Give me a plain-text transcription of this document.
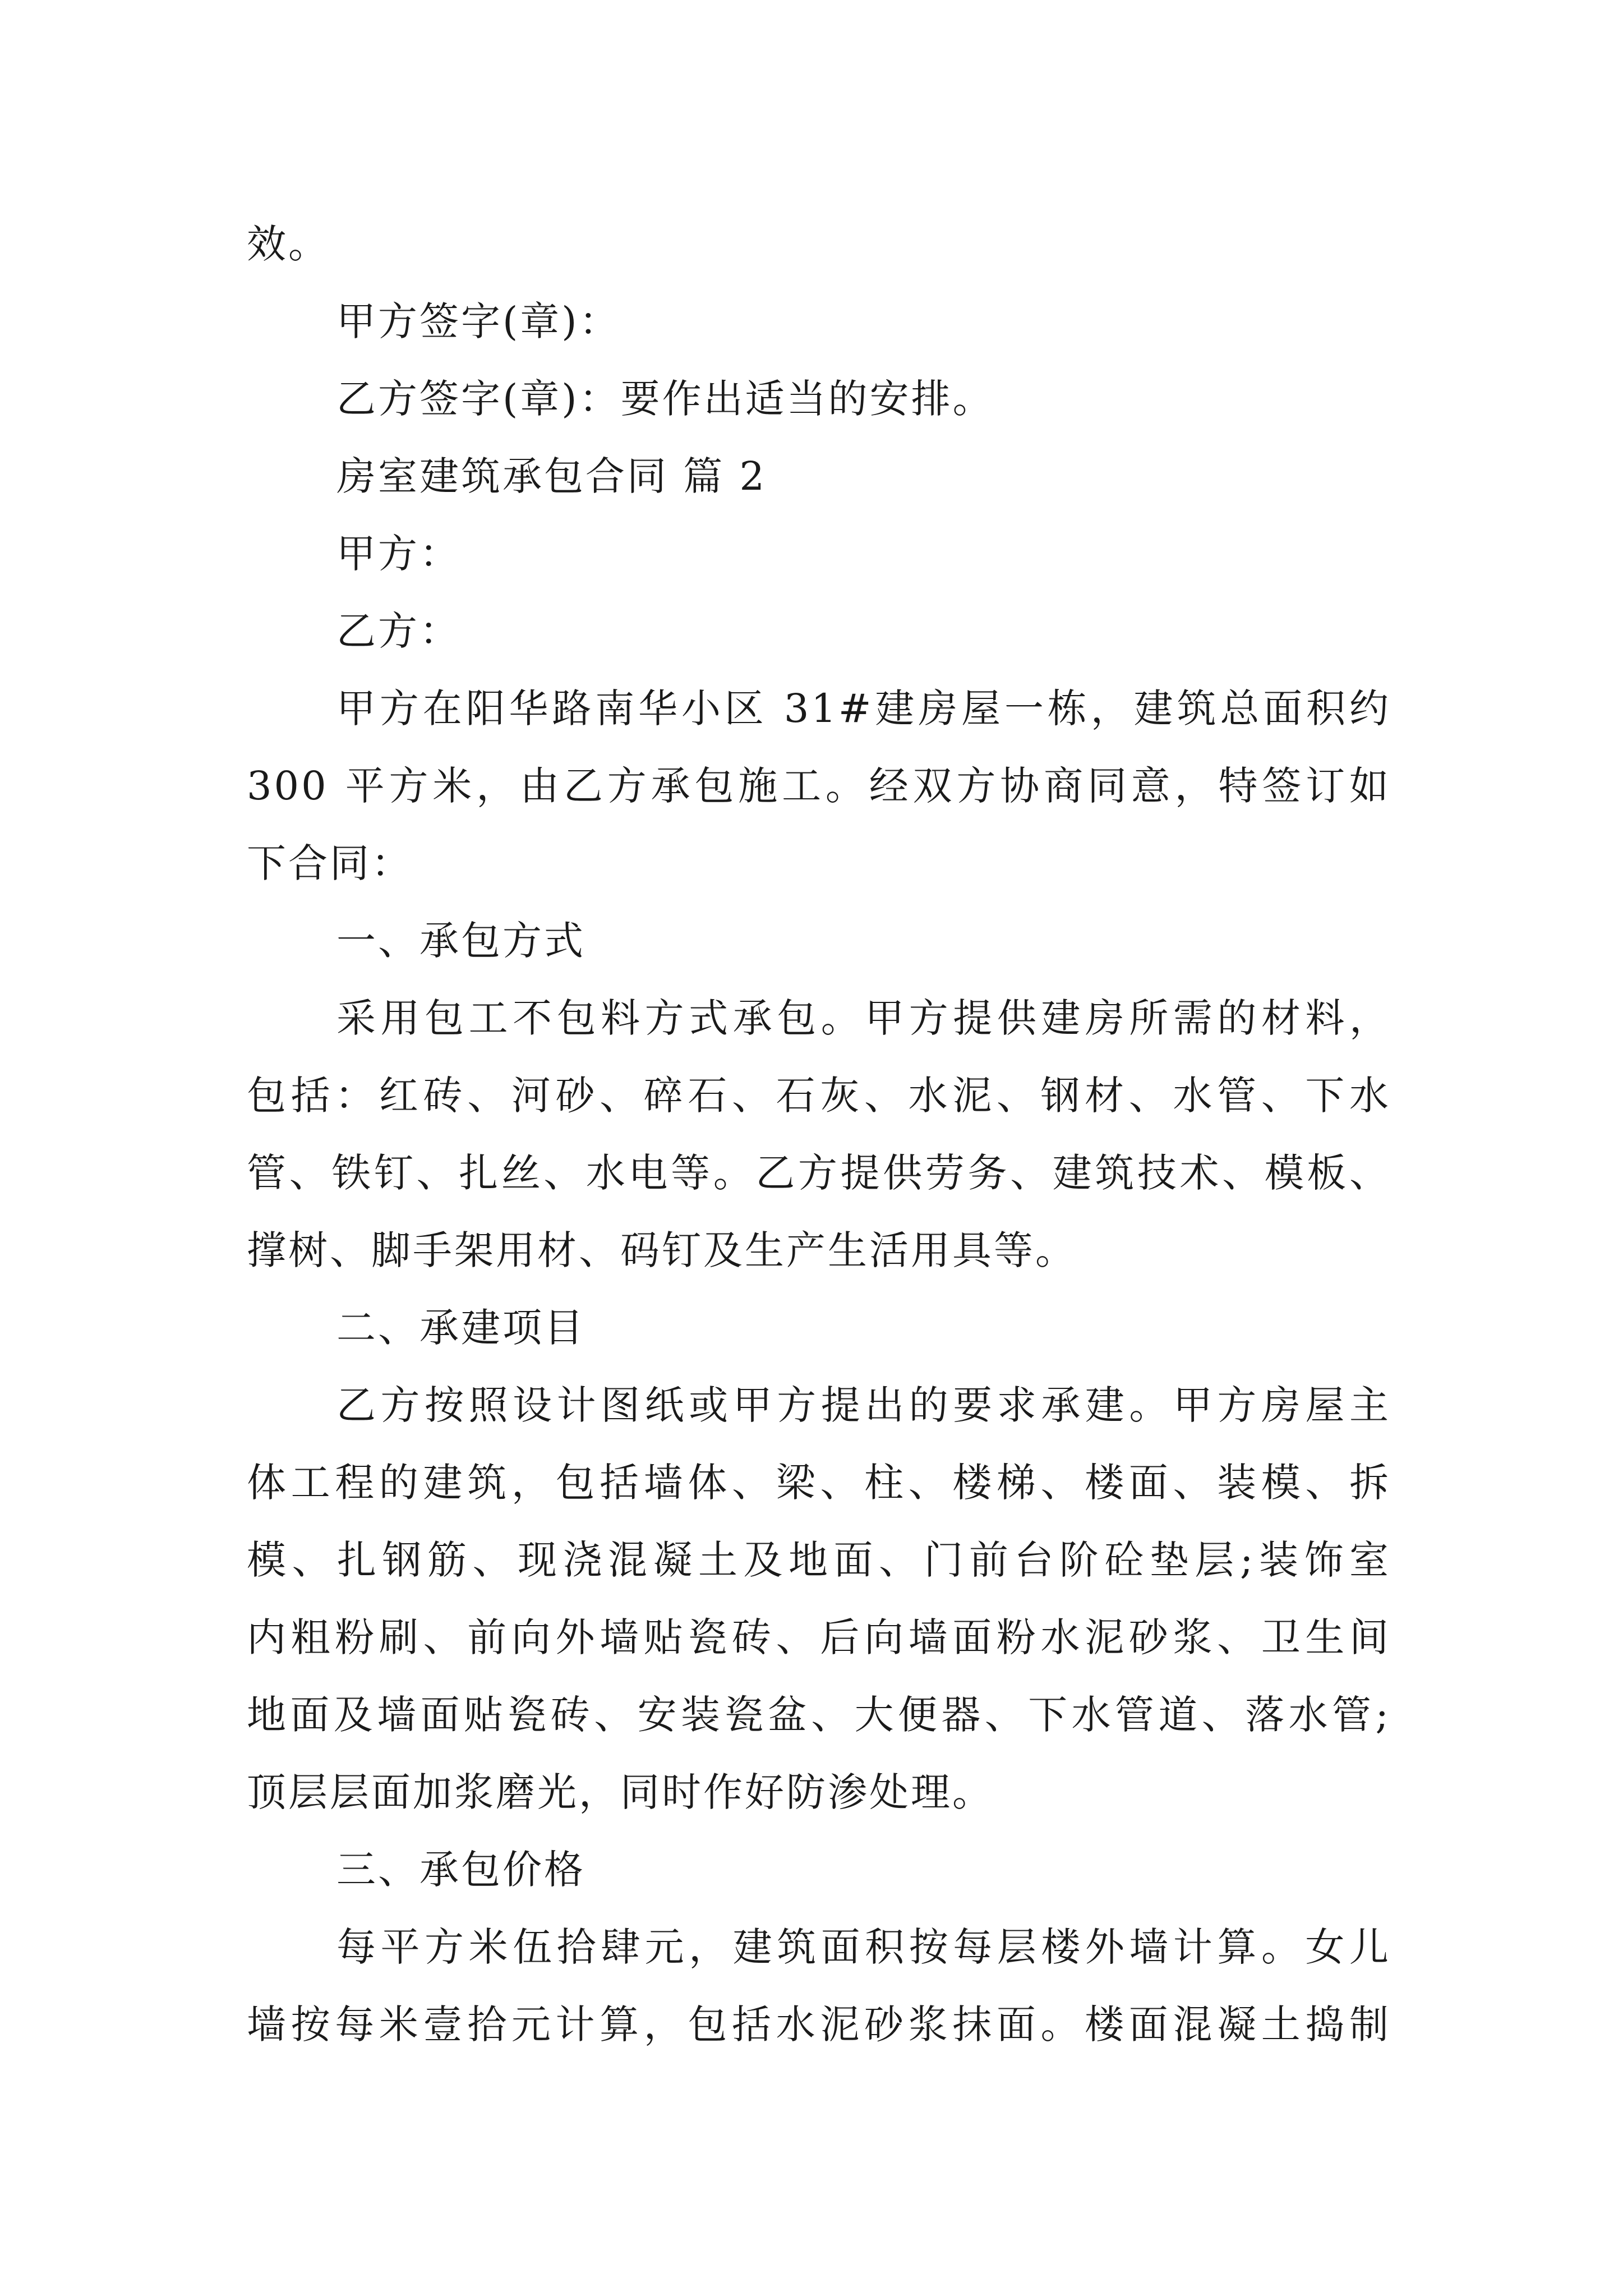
效。
甲方签字(章)：
乙方签字(章)：要作出适当的安排。
房室建筑承包合同 篇 2
甲方：
乙方：
甲方在阳华路南华小区 31#建房屋一栋，建筑总面积约
300 平方米，由乙方承包施工。经双方协商同意，特签订如
下合同：
一、承包方式
采用包工不包料方式承包。甲方提供建房所需的材料，
包括：红砖、河砂、碎石、石灰、水泥、钢材、水管、下水
管、铁钉、扎丝、水电等。乙方提供劳务、建筑技术、模板、
撑树、脚手架用材、码钉及生产生活用具等。
二、承建项目
乙方按照设计图纸或甲方提出的要求承建。甲方房屋主
体工程的建筑，包括墙体、梁、柱、楼梯、楼面、装模、拆
模、扎钢筋、现浇混凝土及地面、门前台阶砼垫层;装饰室
内粗粉刷、前向外墙贴瓷砖、后向墙面粉水泥砂浆、卫生间
地面及墙面贴瓷砖、安装瓷盆、大便器、下水管道、落水管;
顶层层面加浆磨光，同时作好防渗处理。
三、承包价格
每平方米伍拾肆元，建筑面积按每层楼外墙计算。女儿
墙按每米壹拾元计算，包括水泥砂浆抹面。楼面混凝土捣制
